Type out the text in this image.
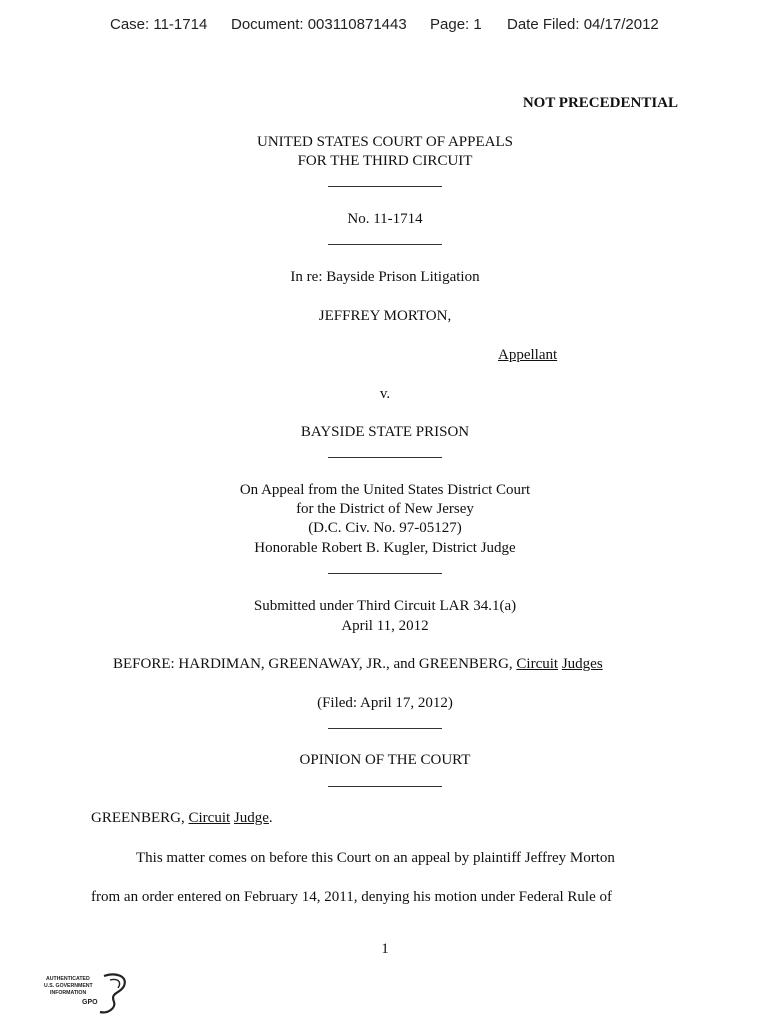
Case: 11-1714 Document: 003110871443 Page: 1 Date Filed: 04/17/2012
NOT PRECEDENTIAL
UNITED STATES COURT OF APPEALS
FOR THE THIRD CIRCUIT
No. 11-1714
In re: Bayside Prison Litigation
JEFFREY MORTON,
Appellant
v.
BAYSIDE STATE PRISON
On Appeal from the United States District Court
for the District of New Jersey
(D.C. Civ. No. 97-05127)
Honorable Robert B. Kugler, District Judge
Submitted under Third Circuit LAR 34.1(a)
April 11, 2012
BEFORE: HARDIMAN, GREENAWAY, JR., and GREENBERG, Circuit Judges
(Filed: April 17, 2012)
OPINION OF THE COURT
GREENBERG, Circuit Judge.
This matter comes on before this Court on an appeal by plaintiff Jeffrey Morton
from an order entered on February 14, 2011, denying his motion under Federal Rule of
1
AUTHENTICATED
U.S. GOVERNMENT
INFORMATION
GPO
